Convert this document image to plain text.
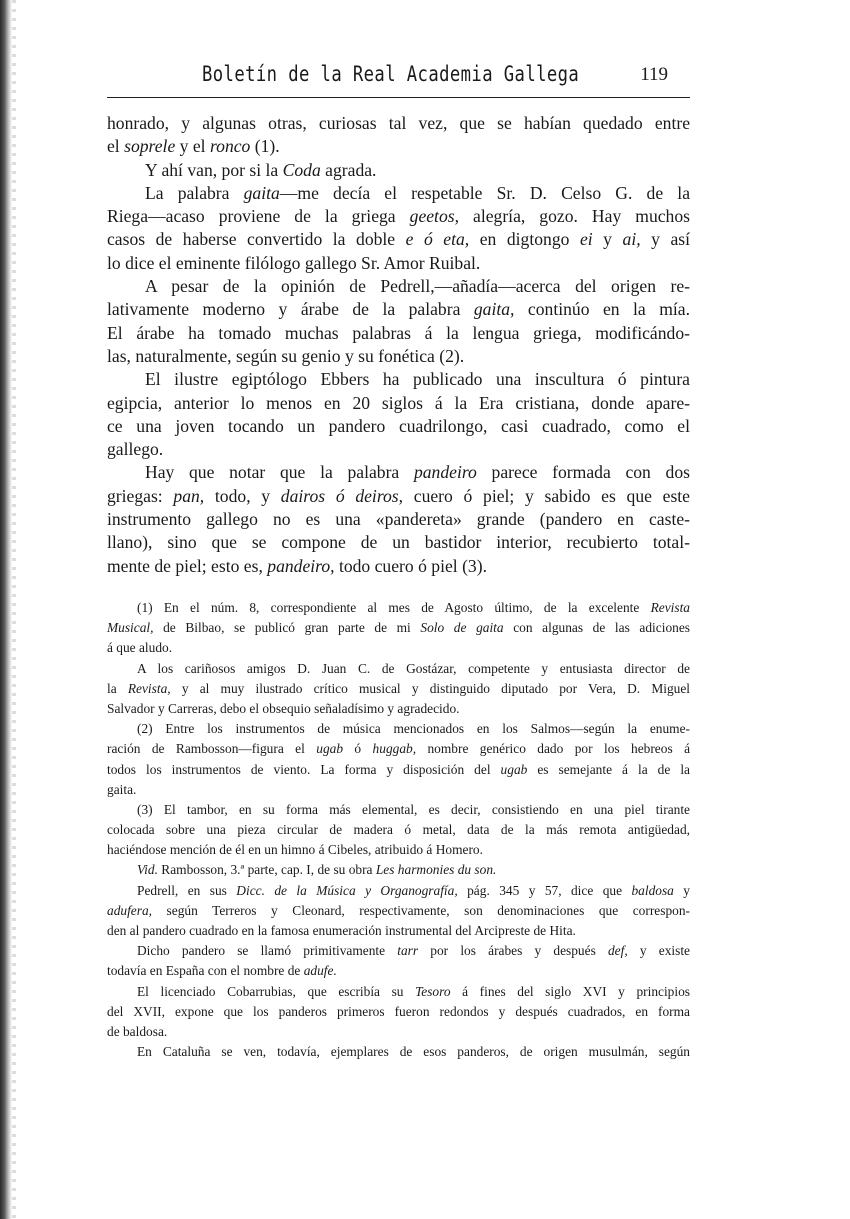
Boletín de la Real Academia Gallega	119
honrado, y algunas otras, curiosas tal vez, que se habían quedado entre
el soprele y el ronco (1).
Y ahí van, por si la Coda agrada.
La palabra gaita—me decía el respetable Sr. D. Celso G. de la
Riega—acaso proviene de la griega geetos, alegría, gozo. Hay muchos
casos de haberse convertido la doble e ó eta, en digtongo ei y ai, y así
lo dice el eminente filólogo gallego Sr. Amor Ruibal.
A pesar de la opinión de Pedrell,—añadía—acerca del origen re-
lativamente moderno y árabe de la palabra gaita, continúo en la mía.
El árabe ha tomado muchas palabras á la lengua griega, modificándo-
las, naturalmente, según su genio y su fonética (2).
El ilustre egiptólogo Ebbers ha publicado una inscultura ó pintura
egipcia, anterior lo menos en 20 siglos á la Era cristiana, donde apare-
ce una joven tocando un pandero cuadrilongo, casi cuadrado, como el
gallego.
Hay que notar que la palabra pandeiro parece formada con dos
griegas: pan, todo, y dairos ó deiros, cuero ó piel; y sabido es que este
instrumento gallego no es una «pandereta» grande (pandero en caste-
llano), sino que se compone de un bastidor interior, recubierto total-
mente de piel; esto es, pandeiro, todo cuero ó piel (3).
(1) En el núm. 8, correspondiente al mes de Agosto último, de la excelente Revista
Musical, de Bilbao, se publicó gran parte de mi Solo de gaita con algunas de las adiciones
á que aludo.
A los cariñosos amigos D. Juan C. de Gostázar, competente y entusiasta director de
la Revista, y al muy ilustrado crítico musical y distinguido diputado por Vera, D. Miguel
Salvador y Carreras, debo el obsequio señaladísimo y agradecido.
(2) Entre los instrumentos de música mencionados en los Salmos—según la enume-
ración de Rambosson—figura el ugab ó huggab, nombre genérico dado por los hebreos á
todos los instrumentos de viento. La forma y disposición del ugab es semejante á la de la
gaita.
(3) El tambor, en su forma más elemental, es decir, consistiendo en una piel tirante
colocada sobre una pieza circular de madera ó metal, data de la más remota antigüedad,
haciéndose mención de él en un himno á Cibeles, atribuido á Homero.
Vid. Rambosson, 3.ª parte, cap. I, de su obra Les harmonies du son.
Pedrell, en sus Dicc. de la Música y Organografía, pág. 345 y 57, dice que baldosa y
adufera, según Terreros y Cleonard, respectivamente, son denominaciones que correspon-
den al pandero cuadrado en la famosa enumeración instrumental del Arcipreste de Hita.
Dicho pandero se llamó primitivamente tarr por los árabes y después def, y existe
todavía en España con el nombre de adufe.
El licenciado Cobarrubias, que escribía su Tesoro á fines del siglo XVI y principios
del XVII, expone que los panderos primeros fueron redondos y después cuadrados, en forma
de baldosa.
En Cataluña se ven, todavía, ejemplares de esos panderos, de origen musulmán, según
